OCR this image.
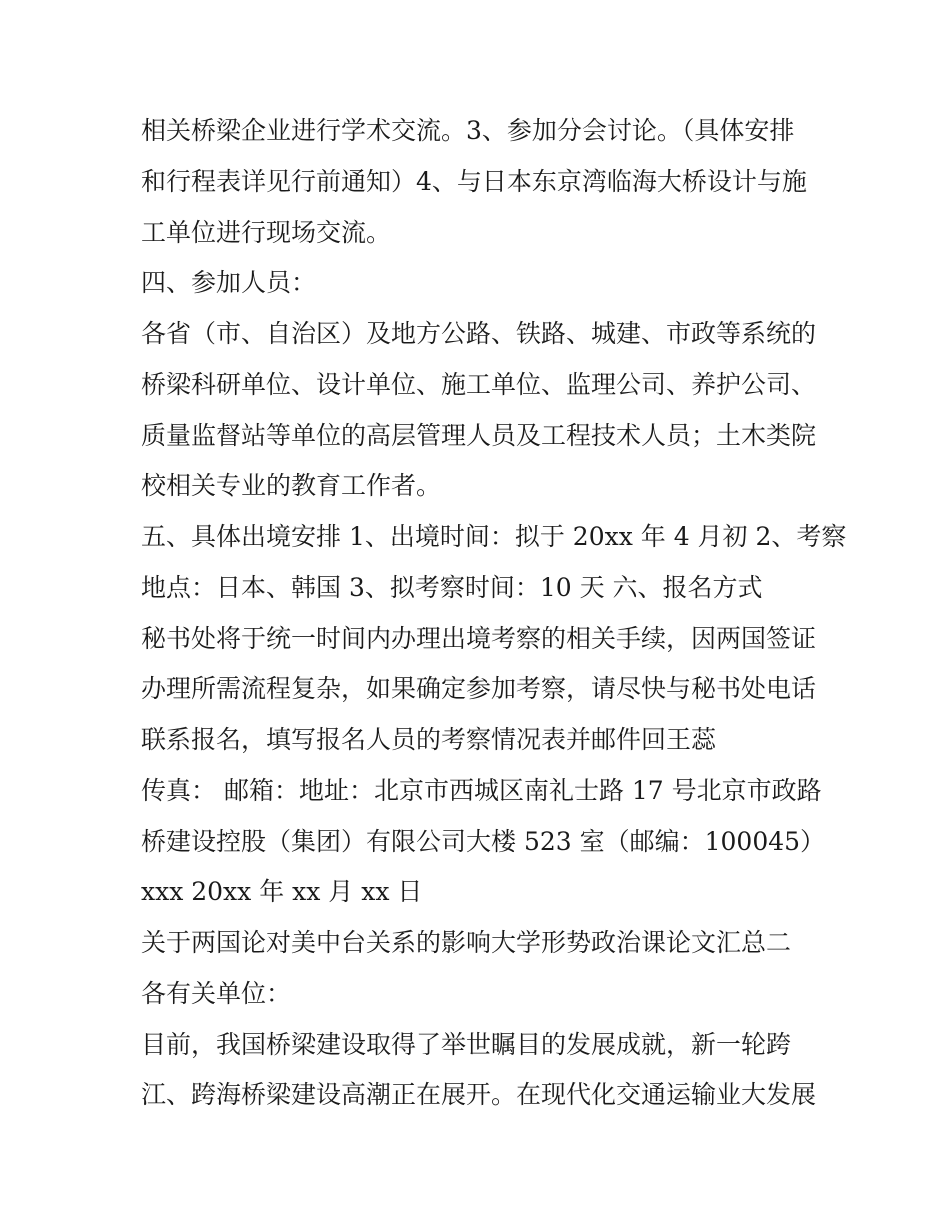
相关桥梁企业进行学术交流。3、参加分会讨论。（具体安排

和行程表详见行前通知）4、与日本东京湾临海大桥设计与施

工单位进行现场交流。

四、参加人员：

各省（市、自治区）及地方公路、铁路、城建、市政等系统的

桥梁科研单位、设计单位、施工单位、监理公司、养护公司、

质量监督站等单位的高层管理人员及工程技术人员；土木类院

校相关专业的教育工作者。

五、具体出境安排 1、出境时间：拟于 20xx 年 4 月初 2、考察

地点：日本、韩国 3、拟考察时间：10 天 六、报名方式

秘书处将于统一时间内办理出境考察的相关手续，因两国签证

办理所需流程复杂，如果确定参加考察，请尽快与秘书处电话

联系报名，填写报名人员的考察情况表并邮件回王蕊

传真： 邮箱：地址：北京市西城区南礼士路 17 号北京市政路

桥建设控股（集团）有限公司大楼 523 室（邮编：100045）

xxx 20xx 年 xx 月 xx 日

关于两国论对美中台关系的影响大学形势政治课论文汇总二

各有关单位：

目前，我国桥梁建设取得了举世瞩目的发展成就，新一轮跨

江、跨海桥梁建设高潮正在展开。在现代化交通运输业大发展
